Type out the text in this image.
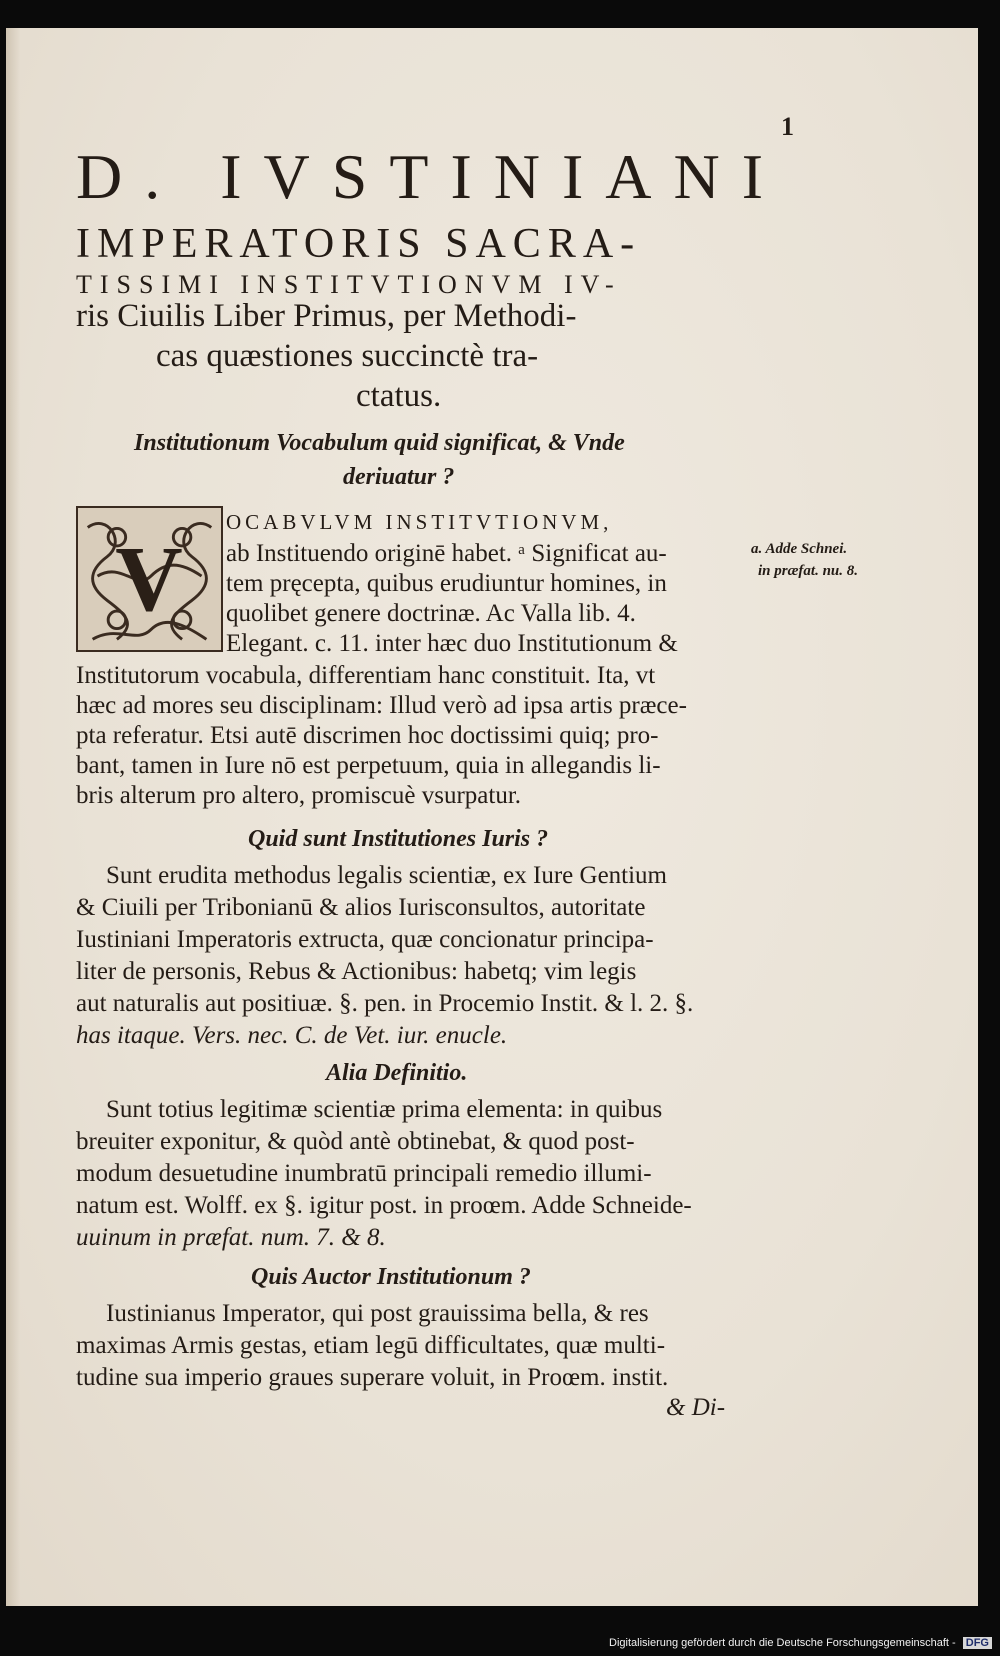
1
D. IVSTINIANI
IMPERATORIS SACRA-
TISSIMI INSTITVTIONVM IV-
ris Ciuilis Liber Primus, per Methodi-
cas quæstiones succinctè tra-
ctatus.
Institutionum Vocabulum quid significat, & Vnde
deriuatur ?
V
OCABVLVM INSTITVTIONVM,
ab Instituendo originē habet. ᵃ Significat au-
tem pręcepta, quibus erudiuntur homines, in
quolibet genere doctrinæ. Ac Valla lib. 4.
Elegant. c. 11. inter hæc duo Institutionum &
Institutorum vocabula, differentiam hanc constituit. Ita, vt
hæc ad mores seu disciplinam: Illud verò ad ipsa artis præce-
pta referatur. Etsi autē discrimen hoc doctissimi quiq; pro-
bant, tamen in Iure nō est perpetuum, quia in allegandis li-
bris alterum pro altero, promiscuè vsurpatur.
Quid sunt Institutiones Iuris ?
Sunt erudita methodus legalis scientiæ, ex Iure Gentium
& Ciuili per Tribonianū & alios Iurisconsultos, autoritate
Iustiniani Imperatoris extructa, quæ concionatur principa-
liter de personis, Rebus & Actionibus: habetq; vim legis
aut naturalis aut positiuæ. §. pen. in Procemio Instit. & l. 2. §.
has itaque. Vers. nec. C. de Vet. iur. enucle.
Alia Definitio.
Sunt totius legitimæ scientiæ prima elementa: in quibus
breuiter exponitur, & quòd antè obtinebat, & quod post-
modum desuetudine inumbratū principali remedio illumi-
natum est. Wolff. ex §. igitur post. in proœm. Adde Schneide-
uuinum in præfat. num. 7. & 8.
Quis Auctor Institutionum ?
Iustinianus Imperator, qui post grauissima bella, & res
maximas Armis gestas, etiam legū difficultates, quæ multi-
tudine sua imperio graues superare voluit, in Proœm. instit.
& Di-
a. Adde Schnei.
in præfat. nu. 8.
Digitalisierung gefördert durch die Deutsche Forschungsgemeinschaft - DFG
